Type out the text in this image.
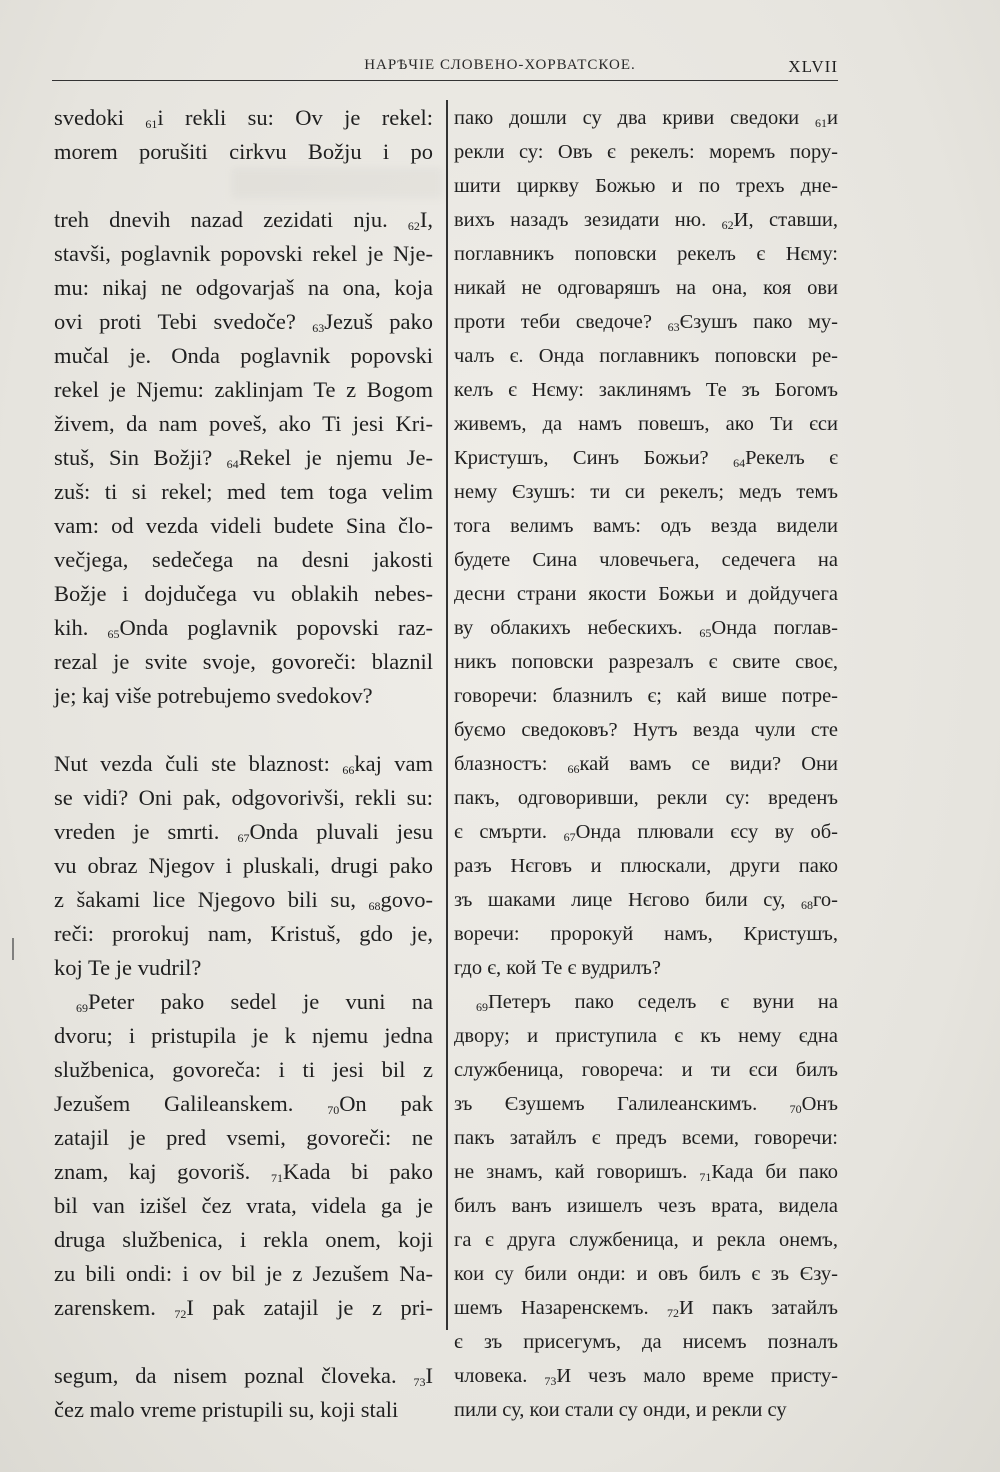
НАРѢЧІЕ СЛОВЕНО-ХОРВАТСКОЕ.	XLVII
svedoki $_{61}$i rekli su: Ov je rekel:
morem porušiti cirkvu Božju i po
treh dnevih nazad zezidati nju. $_{62}$I,
stavši, poglavnik popovski rekel je Nje-
mu: nikaj ne odgovarjaš na ona, koja
ovi proti Tebi svedoče? $_{63}$Jezuš pako
mučal je. Onda poglavnik popovski
rekel je Njemu: zaklinjam Te z Bogom
živem, da nam poveš, ako Ti jesi Kri-
stuš, Sin Božji? $_{64}$Rekel je njemu Je-
zuš: ti si rekel; med tem toga velim
vam: od vezda videli budete Sina člo-
večjega, sedečega na desni jakosti
Božje i dojdučega vu oblakih nebes-
kih. $_{65}$Onda poglavnik popovski raz-
rezal je svite svoje, govoreči: blaznil
je; kaj više potrebujemo svedokov?
Nut vezda čuli ste blaznost: $_{66}$kaj vam
se vidi? Oni pak, odgovorivši, rekli su:
vreden je smrti. $_{67}$Onda pluvali jesu
vu obraz Njegov i pluskali, drugi pako
z šakami lice Njegovo bili su, $_{68}$govo-
reči: prorokuj nam, Kristuš, gdo je,
koj Te je vudril?
$_{69}$Peter pako sedel je vuni na
dvoru; i pristupila je k njemu jedna
službenica, govoreča: i ti jesi bil z
Jezušem Galileanskem. $_{70}$On pak
zatajil je pred vsemi, govoreči: ne
znam, kaj govoriš. $_{71}$Kada bi pako
bil van izišel čez vrata, videla ga je
druga službenica, i rekla onem, koji
zu bili ondi: i ov bil je z Jezušem Na-
zarenskem. $_{72}$I pak zatajil je z pri-
segum, da nisem poznal človeka. $_{73}$I
čez malo vreme pristupili su, koji stali
пако дошли су два криви сведоки $_{61}$и
рекли су: Овъ є рекелъ: моремъ пору-
шити цирквy Божью и по трехъ дне-
вихъ назадъ зезидати ню. $_{62}$И, ставши,
поглавникъ поповски рекелъ є Нєму:
никай не одговаряшъ на она, коя ови
проти теби сведоче? $_{63}$Єзушъ пако му-
чалъ є. Онда поглавникъ поповски ре-
келъ є Нєму: заклинямъ Те зъ Богомъ
живемъ, да намъ повешъ, ако Ти єси
Кристушъ, Синъ Божьи? $_{64}$Рекелъ є
нему Єзушъ: ти си рекелъ; медъ темъ
тога велимъ вамъ: одъ везда видели
будете Сина чловечьега, седечега на
десни страни якости Божьи и дойдучега
ву облакихъ небескихъ. $_{65}$Онда поглав-
никъ поповски разрезалъ є свите своє,
говоречи: блазнилъ є; кай више потре-
буємо сведоковъ? Нутъ везда чули сте
блазностъ: $_{66}$кай вамъ се види? Они
пакъ, одговоривши, рекли су: вреденъ
є смърти. $_{67}$Онда плювали єсу ву об-
разъ Нєговъ и плюскали, други пако
зъ шаками лице Нєгово били су, $_{68}$го-
воречи: пророкуй намъ, Кристушъ,
гдо є, кой Те є вудрилъ?
$_{69}$Петеръ пако седелъ є вуни на
двору; и приступила є къ нему єдна
службеница, говореча: и ти єси билъ
зъ Єзушемъ Галилеанскимъ. $_{70}$Онъ
пакъ затайлъ є предъ всеми, говоречи:
не знамъ, кай говоришъ. $_{71}$Када би пако
билъ ванъ изишелъ чезъ врата, видела
га є друга службеница, и рекла онемъ,
кои су били онди: и овъ билъ є зъ Єзу-
шемъ Назаренскемъ. $_{72}$И пакъ затайлъ
є зъ присегумъ, да нисемъ позналъ
чловека. $_{73}$И чезъ мало време присту-
пили су, кои стали су онди, и рекли су
